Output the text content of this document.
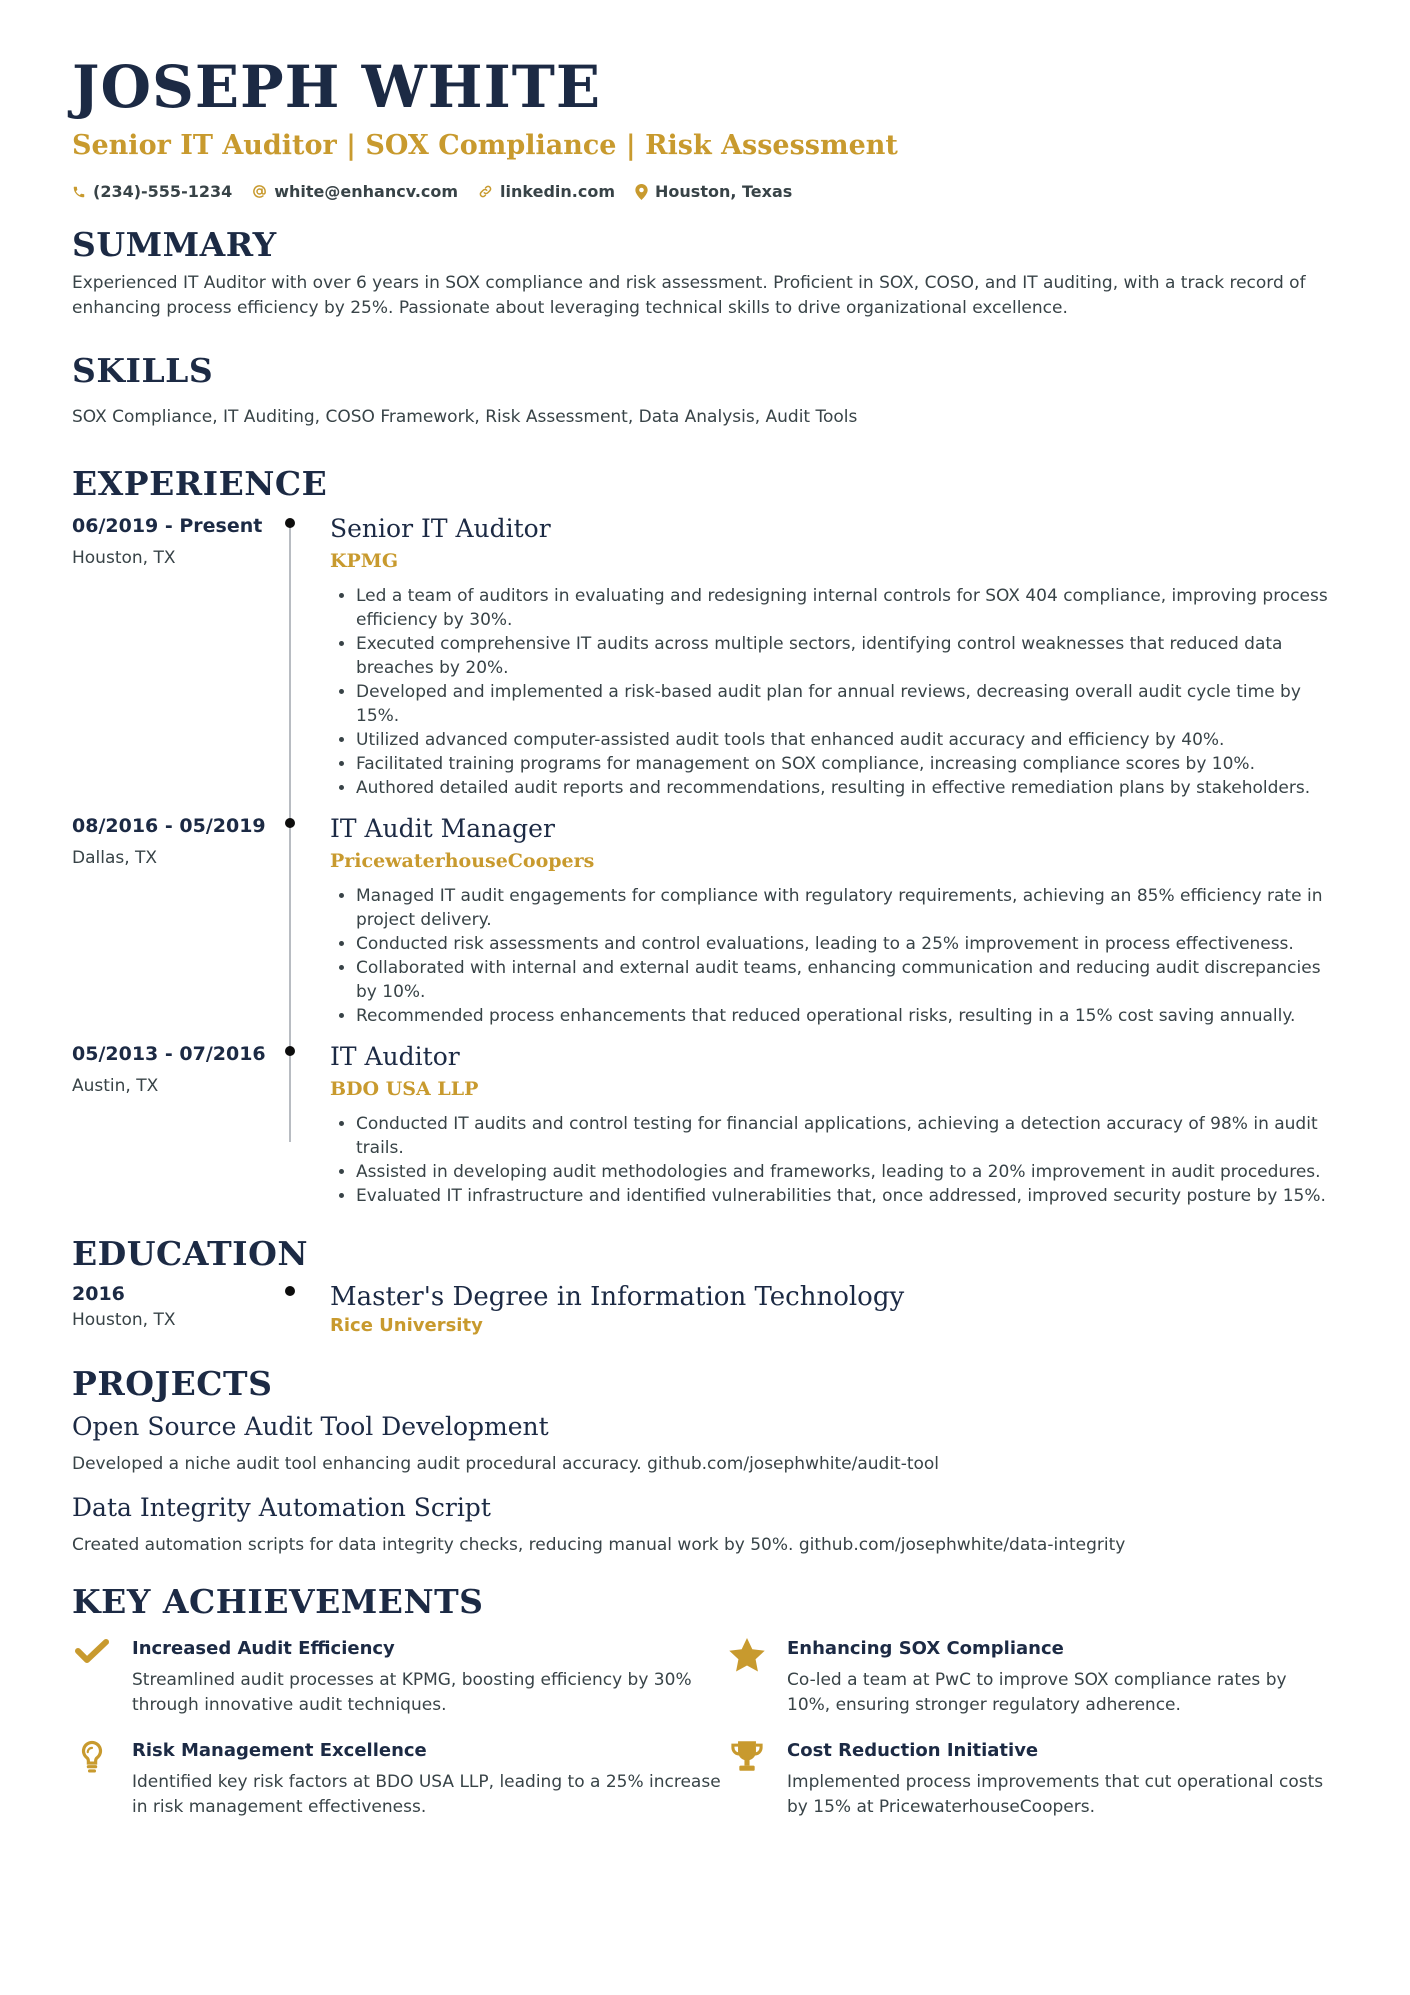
JOSEPH WHITE
Senior IT Auditor | SOX Compliance | Risk Assessment
(234)-555-1234	white@enhancv.com	linkedin.com	Houston, Texas
SUMMARY

Experienced IT Auditor with over 6 years in SOX compliance and risk assessment. Proficient in SOX, COSO, and IT auditing, with a track record of enhancing process efficiency by 25%. Passionate about leveraging technical skills to drive organizational excellence.

SKILLS

SOX Compliance, IT Auditing, COSO Framework, Risk Assessment, Data Analysis, Audit Tools

EXPERIENCE
06/2019 - Present
Houston, TX
Senior IT Auditor
KPMG
• Led a team of auditors in evaluating and redesigning internal controls for SOX 404 compliance, improving process efficiency by 30%.
• Executed comprehensive IT audits across multiple sectors, identifying control weaknesses that reduced data breaches by 20%.
• Developed and implemented a risk-based audit plan for annual reviews, decreasing overall audit cycle time by 15%.
• Utilized advanced computer-assisted audit tools that enhanced audit accuracy and efficiency by 40%.
• Facilitated training programs for management on SOX compliance, increasing compliance scores by 10%.
• Authored detailed audit reports and recommendations, resulting in effective remediation plans by stakeholders.
08/2016 - 05/2019
Dallas, TX
IT Audit Manager
PricewaterhouseCoopers
• Managed IT audit engagements for compliance with regulatory requirements, achieving an 85% efficiency rate in project delivery.
• Conducted risk assessments and control evaluations, leading to a 25% improvement in process effectiveness.
• Collaborated with internal and external audit teams, enhancing communication and reducing audit discrepancies by 10%.
• Recommended process enhancements that reduced operational risks, resulting in a 15% cost saving annually.
05/2013 - 07/2016
Austin, TX
IT Auditor
BDO USA LLP
• Conducted IT audits and control testing for financial applications, achieving a detection accuracy of 98% in audit trails.
• Assisted in developing audit methodologies and frameworks, leading to a 20% improvement in audit procedures.
• Evaluated IT infrastructure and identified vulnerabilities that, once addressed, improved security posture by 15%.
EDUCATION
2016
Houston, TX
Master's Degree in Information Technology
Rice University
PROJECTS
Open Source Audit Tool Development

Developed a niche audit tool enhancing audit procedural accuracy. github.com/josephwhite/audit-tool

Data Integrity Automation Script

Created automation scripts for data integrity checks, reducing manual work by 50%. github.com/josephwhite/data-integrity

KEY ACHIEVEMENTS
Increased Audit Efficiency
Streamlined audit processes at KPMG, boosting efficiency by 30% through innovative audit techniques.
Enhancing SOX Compliance
Co-led a team at PwC to improve SOX compliance rates by 10%, ensuring stronger regulatory adherence.
Risk Management Excellence
Identified key risk factors at BDO USA LLP, leading to a 25% increase in risk management effectiveness.
Cost Reduction Initiative
Implemented process improvements that cut operational costs by 15% at PricewaterhouseCoopers.
